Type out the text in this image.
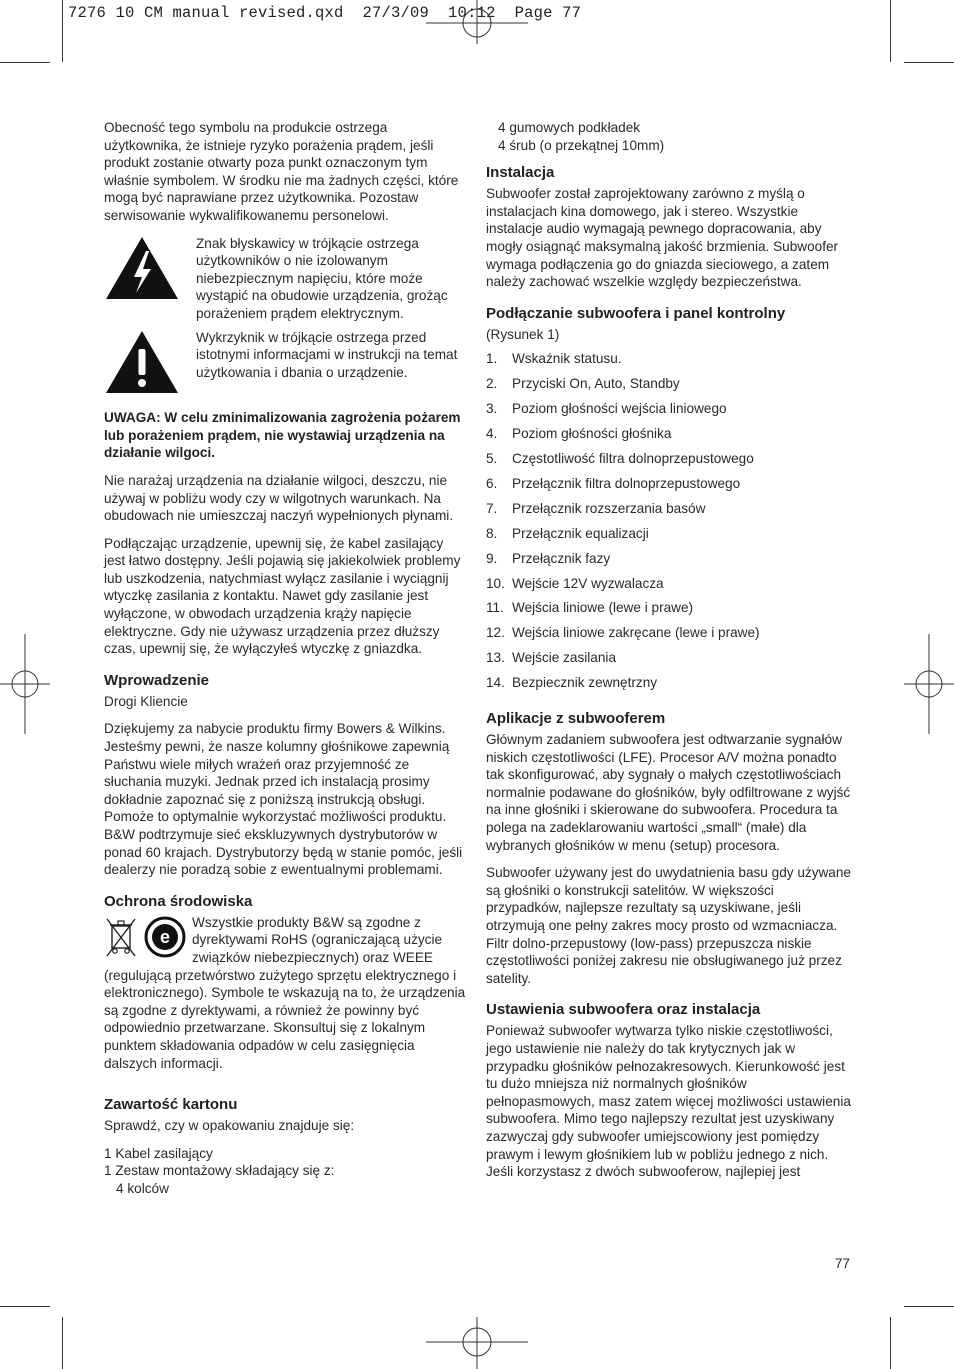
7276 10 CM manual revised.qxd  27/3/09  10:12  Page 77

Obecność tego symbolu na produkcie ostrzega użytkownika, że istnieje ryzyko porażenia prądem, jeśli produkt zostanie otwarty poza punkt oznaczonym tym właśnie symbolem. W środku nie ma żadnych części, które mogą być naprawiane przez użytkownika. Pozostaw serwisowanie wykwalifikowanemu personelowi.

Znak błyskawicy w trójkącie ostrzega użytkowników o nie izolowanym niebezpiecznym napięciu, które może wystąpić na obudowie urządzenia, grożąc porażeniem prądem elektrycznym.
Wykrzyknik w trójkącie ostrzega przed istotnymi informacjami w instrukcji na temat użytkowania i dbania o urządzenie.

UWAGA: W celu zminimalizowania zagrożenia pożarem lub porażeniem prądem, nie wystawiaj urządzenia na działanie wilgoci.

Nie narażaj urządzenia na działanie wilgoci, deszczu, nie używaj w pobliżu wody czy w wilgotnych warunkach. Na obudowach nie umieszczaj naczyń wypełnionych płynami.

Podłączając urządzenie, upewnij się, że kabel zasilający jest łatwo dostępny. Jeśli pojawią się jakiekolwiek problemy lub uszkodzenia, natychmiast wyłącz zasilanie i wyciągnij wtyczkę zasilania z kontaktu. Nawet gdy zasilanie jest wyłączone, w obwodach urządzenia krąży napięcie elektryczne. Gdy nie używasz urządzenia przez dłuższy czas, upewnij się, że wyłączyłeś wtyczkę z gniazdka.

Wprowadzenie

Drogi Kliencie

Dziękujemy za nabycie produktu firmy Bowers & Wilkins. Jesteśmy pewni, że nasze kolumny głośnikowe zapewnią Państwu wiele miłych wrażeń oraz przyjemność ze słuchania muzyki. Jednak przed ich instalacją prosimy dokładnie zapoznać się z poniższą instrukcją obsługi. Pomoże to optymalnie wykorzystać możliwości produktu. B&W podtrzymuje sieć ekskluzywnych dystrybutorów w ponad 60 krajach. Dystrybutorzy będą w stanie pomóc, jeśli dealerzy nie poradzą sobie z ewentualnymi problemami.

Ochrona środowiska
e

Wszystkie produkty B&W są zgodne z dyrektywami RoHS (ograniczającą użycie związków niebezpiecznych) oraz WEEE (regulującą przetwórstwo zużytego sprzętu elektrycznego i elektronicznego). Symbole te wskazują na to, że urządzenia są zgodne z dyrektywami, a również że powinny być odpowiednio przetwarzane. Skonsultuj się z lokalnym punktem składowania odpadów w celu zasięgnięcia dalszych informacji.

Zawartość kartonu

Sprawdź, czy w opakowaniu znajduje się:

1 Kabel zasilający
1 Zestaw montażowy składający się z:
4 kolców
4 gumowych podkładek
4 śrub (o przekątnej 10mm)
Instalacja

Subwoofer został zaprojektowany zarówno z myślą o instalacjach kina domowego, jak i stereo. Wszystkie instalacje audio wymagają pewnego dopracowania, aby mogły osiągnąć maksymalną jakość brzmienia. Subwoofer wymaga podłączenia go do gniazda sieciowego, a zatem należy zachować wszelkie względy bezpieczeństwa.

Podłączanie subwoofera i panel kontrolny
(Rysunek 1)
1. Wskaźnik statusu.
2. Przyciski On, Auto, Standby
3. Poziom głośności wejścia liniowego
4. Poziom głośności głośnika
5. Częstotliwość filtra dolnoprzepustowego
6. Przełącznik filtra dolnoprzepustowego
7. Przełącznik rozszerzania basów
8. Przełącznik equalizacji
9. Przełącznik fazy
10. Wejście 12V wyzwalacza
11. Wejścia liniowe (lewe i prawe)
12. Wejścia liniowe zakręcane (lewe i prawe)
13. Wejście zasilania
14. Bezpiecznik zewnętrzny
Aplikacje z subwooferem

Głównym zadaniem subwoofera jest odtwarzanie sygnałów niskich częstotliwości (LFE). Procesor A/V można ponadto tak skonfigurować, aby sygnały o małych częstotliwościach normalnie podawane do głośników, były odfiltrowane z wyjść na inne głośniki i skierowane do subwoofera. Procedura ta polega na zadeklarowaniu wartości „small“ (małe) dla wybranych głośników w menu (setup) procesora.

Subwoofer używany jest do uwydatnienia basu gdy używane są głośniki o konstrukcji satelitów. W większości przypadków, najlepsze rezultaty są uzyskiwane, jeśli otrzymują one pełny zakres mocy prosto od wzmacniacza. Filtr dolno-przepustowy (low-pass) przepuszcza niskie częstotliwości poniżej zakresu nie obsługiwanego już przez satelity.

Ustawienia subwoofera oraz instalacja

Ponieważ subwoofer wytwarza tylko niskie częstotliwości, jego ustawienie nie należy do tak krytycznych jak w przypadku głośników pełnozakresowych. Kierunkowość jest tu dużo mniejsza niż normalnych głośników pełnopasmowych, masz zatem więcej możliwości ustawienia subwoofera. Mimo tego najlepszy rezultat jest uzyskiwany zazwyczaj gdy subwoofer umiejscowiony jest pomiędzy prawym i lewym głośnikiem lub w pobliżu jednego z nich. Jeśli korzystasz z dwóch subwooferow, najlepiej jest

77
